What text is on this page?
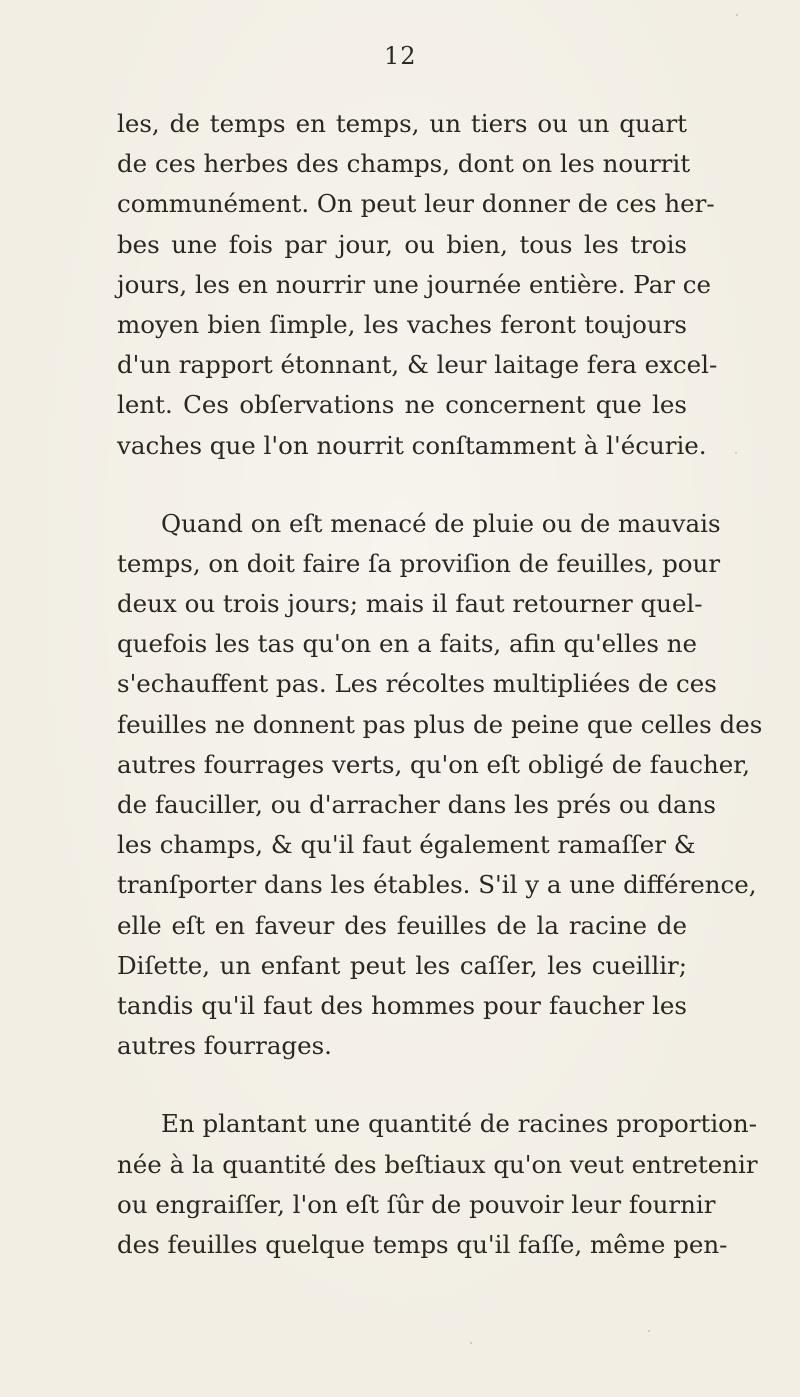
12
les, de temps en temps, un tiers ou un quart
de ces herbes des champs, dont on les nourrit
communément. On peut leur donner de ces her-
bes une fois par jour, ou bien, tous les trois
jours, les en nourrir une journée entière. Par ce
moyen bien ſimple, les vaches feront toujours
d'un rapport étonnant, & leur laitage fera excel-
lent. Ces obſervations ne concernent que les
vaches que l'on nourrit conſtamment à l'écurie.
Quand on eſt menacé de pluie ou de mauvais
temps, on doit faire ſa proviſion de feuilles, pour
deux ou trois jours; mais il faut retourner quel-
quefois les tas qu'on en a faits, afin qu'elles ne
s'echauffent pas. Les récoltes multipliées de ces
feuilles ne donnent pas plus de peine que celles des
autres fourrages verts, qu'on eſt obligé de faucher,
de fauciller, ou d'arracher dans les prés ou dans
les champs, & qu'il faut également ramaſſer &
tranſporter dans les étables. S'il y a une différence,
elle eſt en faveur des feuilles de la racine de
Diſette, un enfant peut les caſſer, les cueillir;
tandis qu'il faut des hommes pour faucher les
autres fourrages.
En plantant une quantité de racines proportion-
née à la quantité des beſtiaux qu'on veut entretenir
ou engraiſſer, l'on eſt ſûr de pouvoir leur fournir
des feuilles quelque temps qu'il faſſe, même pen-
